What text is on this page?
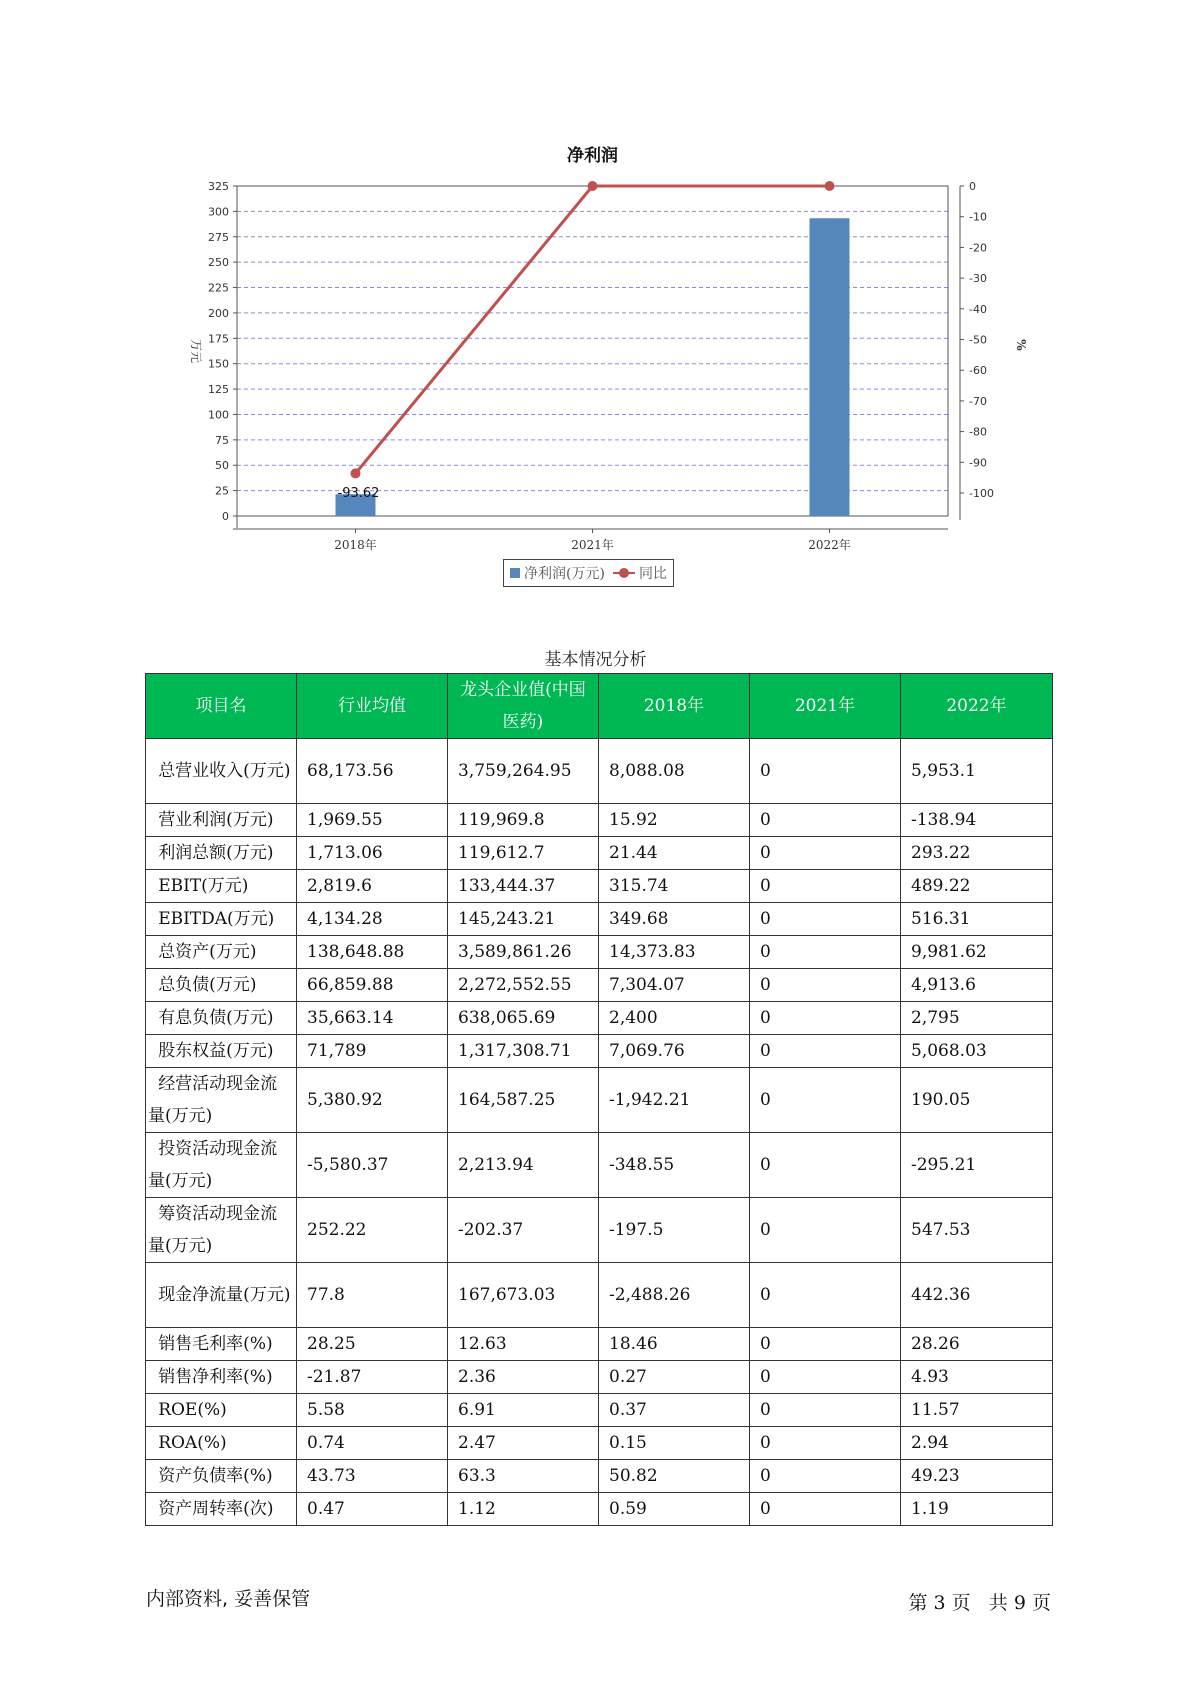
净利润
0
25
50
75
100
125
150
175
200
225
250
275
300
325	0
-10
-20
-30
-40
-50
-60
-70
-80
-90
-100
2018年	2021年	2022年
万元	%
-93.62
净利润(万元) 同比
基本情况分析
项目名	行业均值	龙头企业值(中国医药)	2018年	2021年	2022年

总营业收入(万元)	68,173.56	3,759,264.95	8,088.08	0	5,953.1

营业利润(万元)	1,969.55	119,969.8	15.92	0	-138.94

利润总额(万元)	1,713.06	119,612.7	21.44	0	293.22

EBIT(万元)	2,819.6	133,444.37	315.74	0	489.22

EBITDA(万元)	4,134.28	145,243.21	349.68	0	516.31

总资产(万元)	138,648.88	3,589,861.26	14,373.83	0	9,981.62

总负债(万元)	66,859.88	2,272,552.55	7,304.07	0	4,913.6

有息负债(万元)	35,663.14	638,065.69	2,400	0	2,795

股东权益(万元)	71,789	1,317,308.71	7,069.76	0	5,068.03

经营活动现金流量(万元)	5,380.92	164,587.25	-1,942.21	0	190.05

投资活动现金流量(万元)	-5,580.37	2,213.94	-348.55	0	-295.21

筹资活动现金流量(万元)	252.22	-202.37	-197.5	0	547.53

现金净流量(万元)	77.8	167,673.03	-2,488.26	0	442.36

销售毛利率(%)	28.25	12.63	18.46	0	28.26

销售净利率(%)	-21.87	2.36	0.27	0	4.93

ROE(%)	5.58	6.91	0.37	0	11.57

ROA(%)	0.74	2.47	0.15	0	2.94

资产负债率(%)	43.73	63.3	50.82	0	49.23

资产周转率(次)	0.47	1.12	0.59	0	1.19
内部资料, 妥善保管	第 3 页 共 9 页
